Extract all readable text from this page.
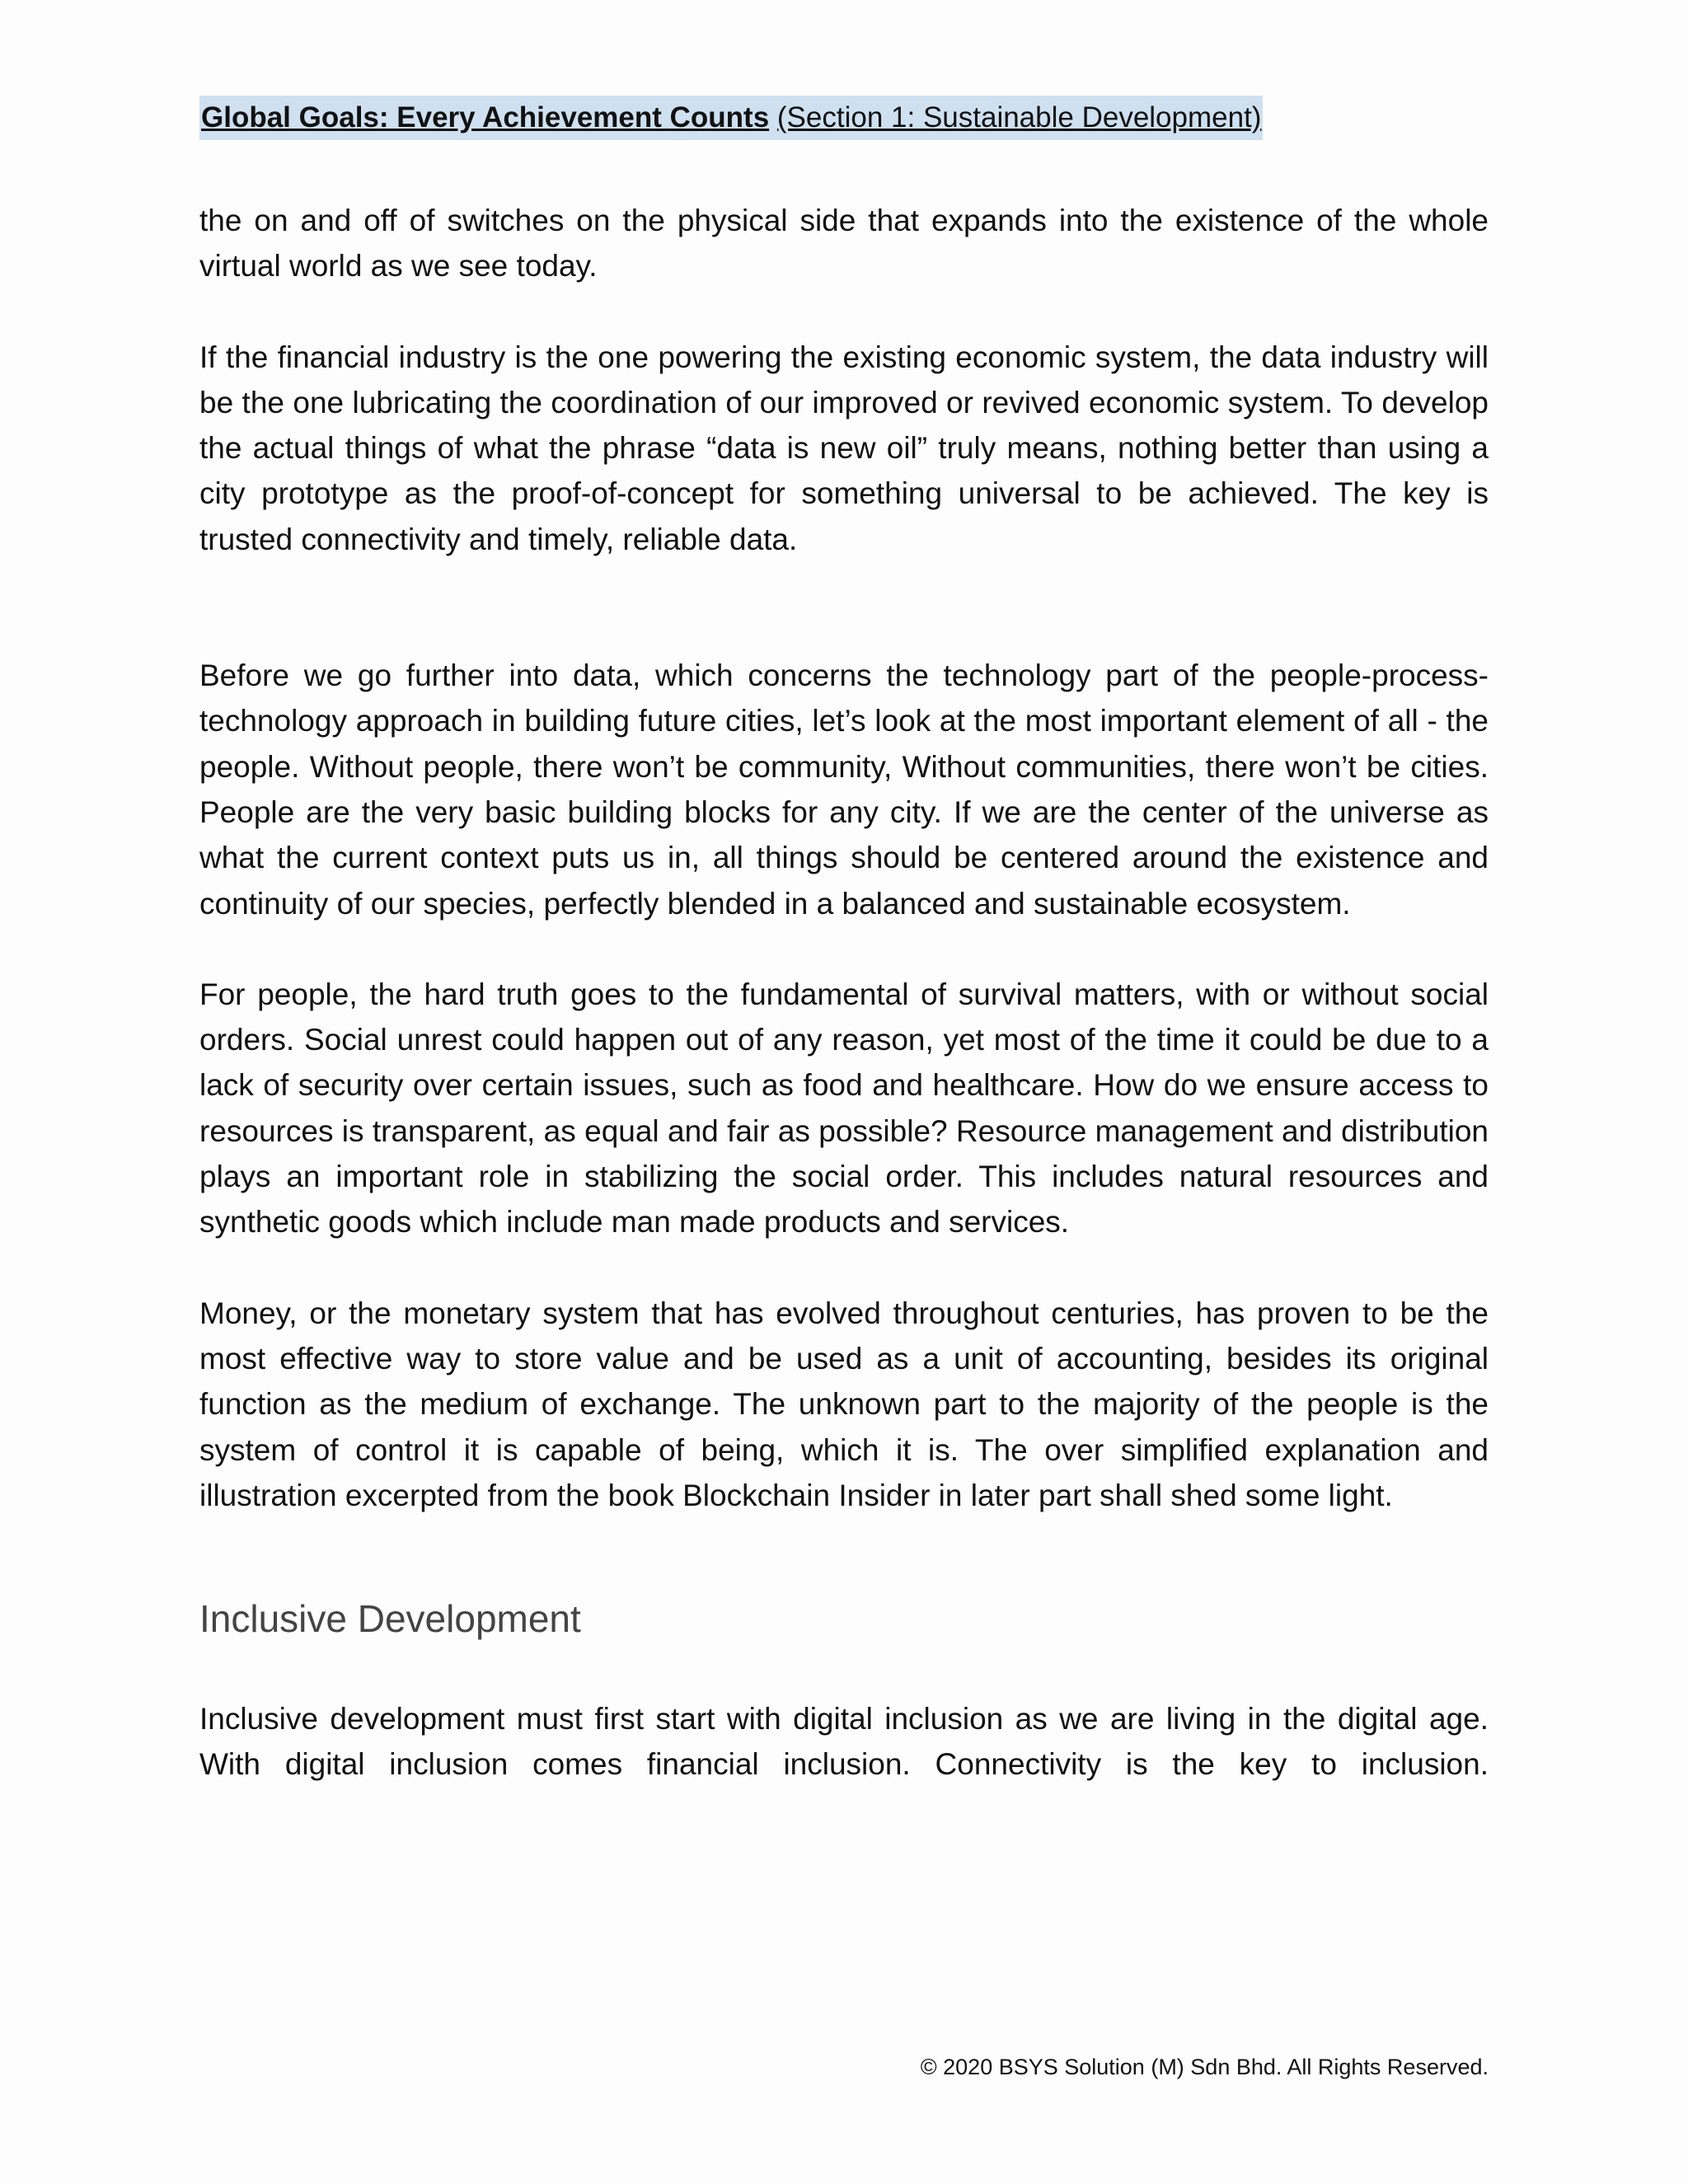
Global Goals: Every Achievement Counts (Section 1: Sustainable Development)

the on and off of switches on the physical side that expands into the existence of the whole virtual world as we see today.

If the financial industry is the one powering the existing economic system, the data industry will be the one lubricating the coordination of our improved or revived economic system. To develop the actual things of what the phrase “data is new oil” truly means, nothing better than using a city prototype as the proof-of-concept for something universal to be achieved. The key is trusted connectivity and timely, reliable data.

Before we go further into data, which concerns the technology part of the people-process-technology approach in building future cities, let’s look at the most important element of all - the people. Without people, there won’t be community, Without communities, there won’t be cities. People are the very basic building blocks for any city. If we are the center of the universe as what the current context puts us in, all things should be centered around the existence and continuity of our species, perfectly blended in a balanced and sustainable ecosystem.

For people, the hard truth goes to the fundamental of survival matters, with or without social orders. Social unrest could happen out of any reason, yet most of the time it could be due to a lack of security over certain issues, such as food and healthcare. How do we ensure access to resources is transparent, as equal and fair as possible? Resource management and distribution plays an important role in stabilizing the social order. This includes natural resources and synthetic goods which include man made products and services.

Money, or the monetary system that has evolved throughout centuries, has proven to be the most effective way to store value and be used as a unit of accounting, besides its original function as the medium of exchange. The unknown part to the majority of the people is the system of control it is capable of being, which it is. The over simplified explanation and illustration excerpted from the book Blockchain Insider in later part shall shed some light.

Inclusive Development

Inclusive development must first start with digital inclusion as we are living in the digital age. With digital inclusion comes financial inclusion. Connectivity is the key to inclusion.

© 2020 BSYS Solution (M) Sdn Bhd. All Rights Reserved.
